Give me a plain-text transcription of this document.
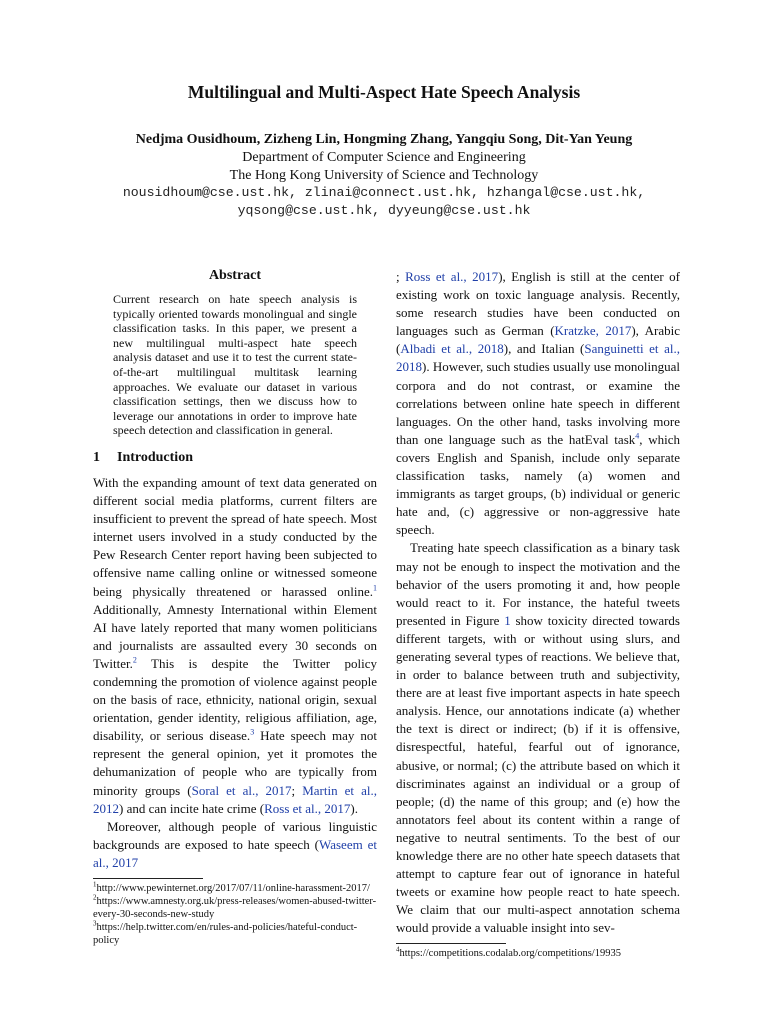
Multilingual and Multi-Aspect Hate Speech Analysis
Nedjma Ousidhoum, Zizheng Lin, Hongming Zhang, Yangqiu Song, Dit-Yan Yeung
Department of Computer Science and Engineering
The Hong Kong University of Science and Technology
nousidhoum@cse.ust.hk, zlinai@connect.ust.hk, hzhangal@cse.ust.hk,
yqsong@cse.ust.hk, dyyeung@cse.ust.hk
Abstract

Current research on hate speech analysis is typically oriented towards monolingual and single classification tasks. In this paper, we present a new multilingual multi-aspect hate speech analysis dataset and use it to test the current state-of-the-art multilingual multitask learning approaches. We evaluate our dataset in various classification settings, then we discuss how to leverage our annotations in order to improve hate speech detection and classification in general.

1 Introduction

With the expanding amount of text data generated on different social media platforms, current filters are insufficient to prevent the spread of hate speech. Most internet users involved in a study conducted by the Pew Research Center report having been subjected to offensive name calling online or witnessed someone being physically threatened or harassed online.$^1$ Additionally, Amnesty International within Element AI have lately reported that many women politicians and journalists are assaulted every 30 seconds on Twitter.$^2$ This is despite the Twitter policy condemning the promotion of violence against people on the basis of race, ethnicity, national origin, sexual orientation, gender identity, religious affiliation, age, disability, or serious disease.$^3$ Hate speech may not represent the general opinion, yet it promotes the dehumanization of people who are typically from minority groups (Soral et al., 2017; Martin et al., 2012) and can incite hate crime (Ross et al., 2017).

Moreover, although people of various linguistic backgrounds are exposed to hate speech (Waseem et al., 2017

$^1$http://www.pewinternet.org/2017/07/11/online-harassment-2017/

$^2$https://www.amnesty.org.uk/press-releases/women-abused-twitter-every-30-seconds-new-study

$^3$https://help.twitter.com/en/rules-and-policies/hateful-conduct-policy

; Ross et al., 2017), English is still at the center of existing work on toxic language analysis. Recently, some research studies have been conducted on languages such as German (Kratzke, 2017), Arabic (Albadi et al., 2018), and Italian (Sanguinetti et al., 2018). However, such studies usually use monolingual corpora and do not contrast, or examine the correlations between online hate speech in different languages. On the other hand, tasks involving more than one language such as the hatEval task$^4$, which covers English and Spanish, include only separate classification tasks, namely (a) women and immigrants as target groups, (b) individual or generic hate and, (c) aggressive or non-aggressive hate speech.

Treating hate speech classification as a binary task may not be enough to inspect the motivation and the behavior of the users promoting it and, how people would react to it. For instance, the hateful tweets presented in Figure 1 show toxicity directed towards different targets, with or without using slurs, and generating several types of reactions. We believe that, in order to balance between truth and subjectivity, there are at least five important aspects in hate speech analysis. Hence, our annotations indicate (a) whether the text is direct or indirect; (b) if it is offensive, disrespectful, hateful, fearful out of ignorance, abusive, or normal; (c) the attribute based on which it discriminates against an individual or a group of people; (d) the name of this group; and (e) how the annotators feel about its content within a range of negative to neutral sentiments. To the best of our knowledge there are no other hate speech datasets that attempt to capture fear out of ignorance in hateful tweets or examine how people react to hate speech. We claim that our multi-aspect annotation schema would provide a valuable insight into sev-

$^4$https://competitions.codalab.org/competitions/19935
